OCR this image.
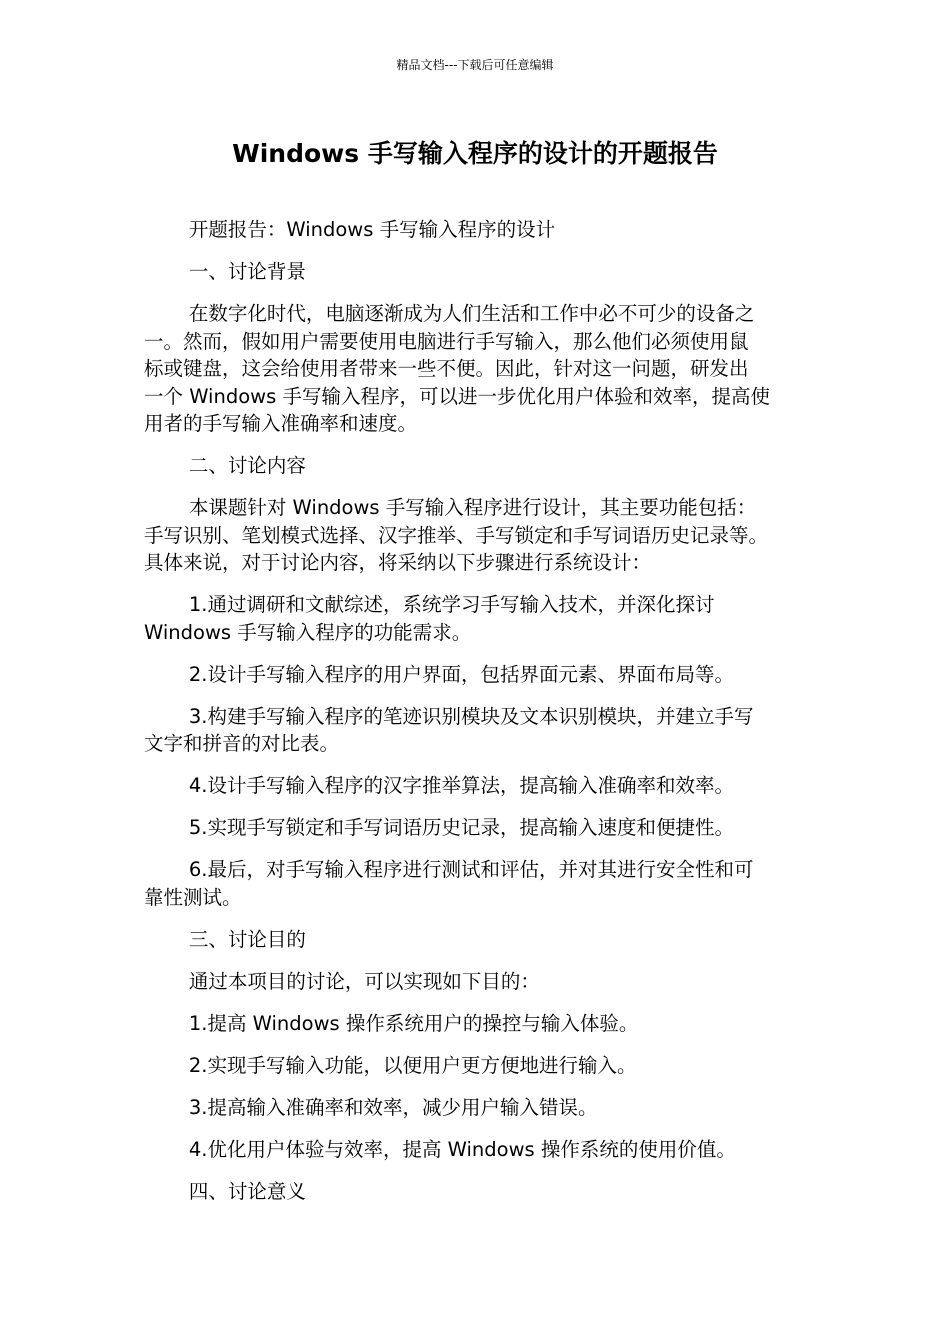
精品文档---下载后可任意编辑
Windows 手写输入程序的设计的开题报告

开题报告：Windows 手写输入程序的设计

一、讨论背景

在数字化时代，电脑逐渐成为人们生活和工作中必不可少的设备之
一。然而，假如用户需要使用电脑进行手写输入，那么他们必须使用鼠
标或键盘，这会给使用者带来一些不便。因此，针对这一问题，研发出
一个 Windows 手写输入程序，可以进一步优化用户体验和效率，提高使
用者的手写输入准确率和速度。

二、讨论内容

本课题针对 Windows 手写输入程序进行设计，其主要功能包括：
手写识别、笔划模式选择、汉字推举、手写锁定和手写词语历史记录等。
具体来说，对于讨论内容，将采纳以下步骤进行系统设计：

1.通过调研和文献综述，系统学习手写输入技术，并深化探讨
Windows 手写输入程序的功能需求。

2.设计手写输入程序的用户界面，包括界面元素、界面布局等。

3.构建手写输入程序的笔迹识别模块及文本识别模块，并建立手写
文字和拼音的对比表。

4.设计手写输入程序的汉字推举算法，提高输入准确率和效率。

5.实现手写锁定和手写词语历史记录，提高输入速度和便捷性。

6.最后，对手写输入程序进行测试和评估，并对其进行安全性和可
靠性测试。

三、讨论目的

通过本项目的讨论，可以实现如下目的：

1.提高 Windows 操作系统用户的操控与输入体验。

2.实现手写输入功能，以便用户更方便地进行输入。

3.提高输入准确率和效率，减少用户输入错误。

4.优化用户体验与效率，提高 Windows 操作系统的使用价值。

四、讨论意义
